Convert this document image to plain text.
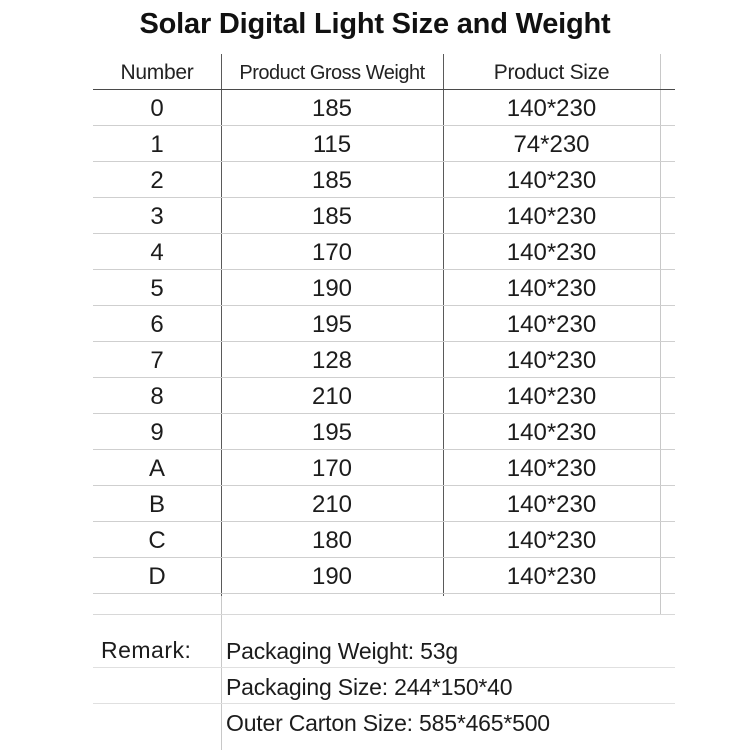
Solar Digital Light Size and Weight
Number	Product Gross Weight	Product Size
0	185	140*230
1	115	74*230
2	185	140*230
3	185	140*230
4	170	140*230
5	190	140*230
6	195	140*230
7	128	140*230
8	210	140*230
9	195	140*230
A	170	140*230
B	210	140*230
C	180	140*230
D	190	140*230
Remark: Packaging Weight: 53g
Packaging Size: 244*150*40
Outer Carton Size: 585*465*500
